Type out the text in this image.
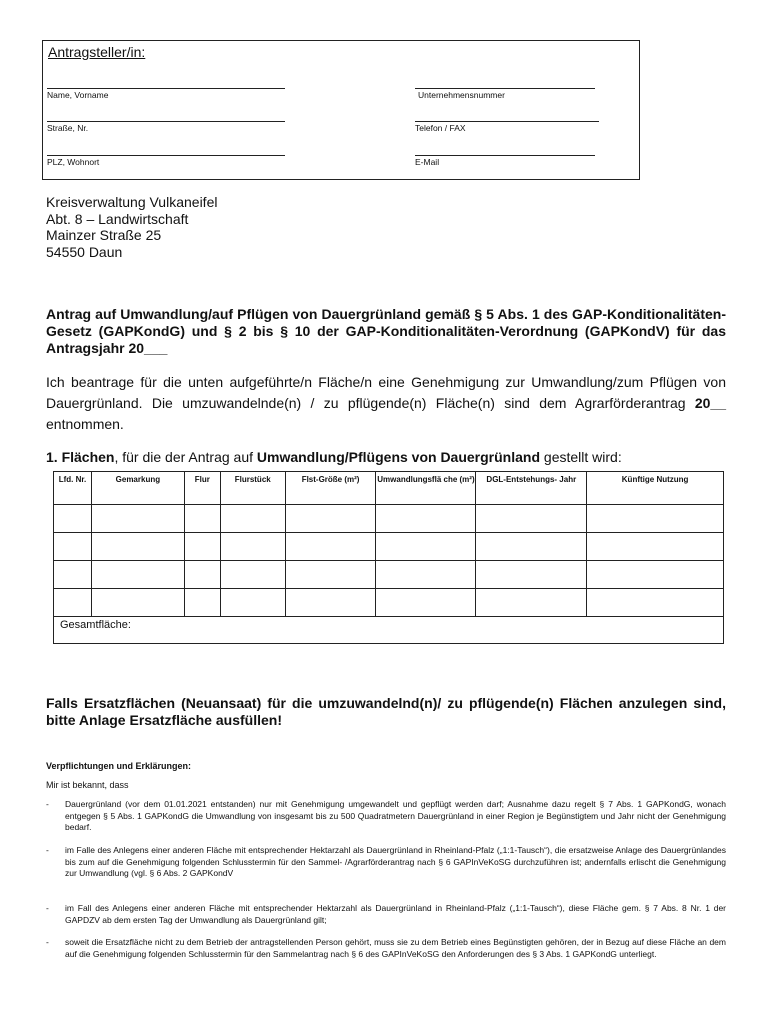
Antragsteller/in:
Name, Vorname	Unternehmensnummer
Straße, Nr.	Telefon / FAX
PLZ, Wohnort	E-Mail
Kreisverwaltung Vulkaneifel
Abt. 8 – Landwirtschaft
Mainzer Straße 25
54550 Daun
Antrag auf Umwandlung/auf Pflügen von Dauergrünland gemäß § 5 Abs. 1 des GAP-Konditionalitäten-Gesetz (GAPKondG) und § 2 bis § 10 der GAP-Konditionalitäten-Verordnung (GAPKondV) für das Antragsjahr 20___
Ich beantrage für die unten aufgeführte/n Fläche/n eine Genehmigung zur Umwandlung/zum Pflügen von Dauergrünland. Die umzuwandelnde(n) / zu pflügende(n) Fläche(n) sind dem Agrarförderantrag 20__ entnommen.
1. Flächen, für die der Antrag auf Umwandlung/Pflügens von Dauergrünland gestellt wird:
Lfd. Nr.	Gemarkung	Flur	Flurstück	Flst-Größe (m²)	Umwandlungsflä che (m²)	DGL-Entstehungs- Jahr	Künftige Nutzung

Gesamtfläche:							
Falls Ersatzflächen (Neuansaat) für die umzuwandelnd(n)/ zu pflügende(n) Flächen anzulegen sind, bitte Anlage Ersatzfläche ausfüllen!
Verpflichtungen und Erklärungen:
Mir ist bekannt, dass
- Dauergrünland (vor dem 01.01.2021 entstanden) nur mit Genehmigung umgewandelt und gepflügt werden darf; Ausnahme dazu regelt § 7 Abs. 1 GAPKondG, wonach entgegen § 5 Abs. 1 GAPKondG die Umwandlung von insgesamt bis zu 500 Quadratmetern Dauergrünland in einer Region je Begünstigtem und Jahr nicht der Genehmigung bedarf.
- im Falle des Anlegens einer anderen Fläche mit entsprechender Hektarzahl als Dauergrünland in Rheinland-Pfalz („1:1-Tausch“), die ersatzweise Anlage des Dauergrünlandes bis zum auf die Genehmigung folgenden Schlusstermin für den Sammel- /Agrarförderantrag nach § 6 GAPInVeKoSG durchzuführen ist; andernfalls erlischt die Genehmigung zur Umwandlung (vgl. § 6 Abs. 2 GAPKondV
- im Fall des Anlegens einer anderen Fläche mit entsprechender Hektarzahl als Dauergrünland in Rheinland-Pfalz („1:1-Tausch“), diese Fläche gem. § 7 Abs. 8 Nr. 1 der GAPDZV ab dem ersten Tag der Umwandlung als Dauergrünland gilt;
- soweit die Ersatzfläche nicht zu dem Betrieb der antragstellenden Person gehört, muss sie zu dem Betrieb eines Begünstigten gehören, der in Bezug auf diese Fläche an dem auf die Genehmigung folgenden Schlusstermin für den Sammelantrag nach § 6 des GAPInVeKoSG den Anforderungen des § 3 Abs. 1 GAPKondG unterliegt.
